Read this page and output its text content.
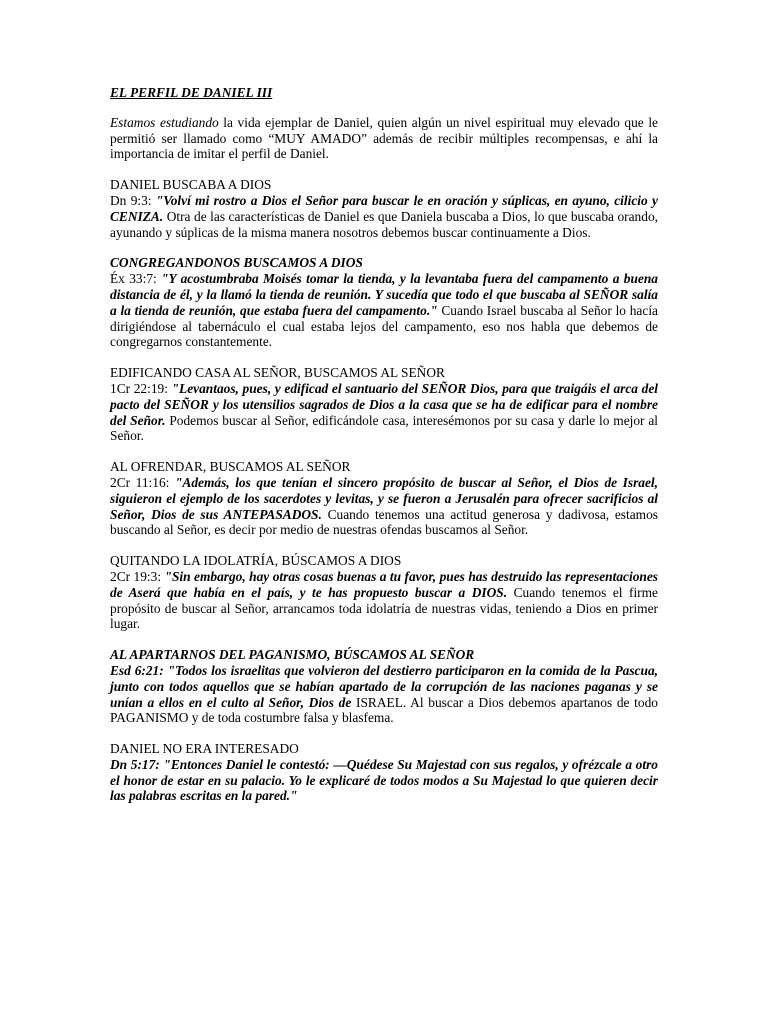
EL PERFIL DE DANIEL III

Estamos estudiando la vida ejemplar de Daniel, quien algún un nivel espiritual muy elevado que le permitió ser llamado como “MUY AMADO” además de recibir múltiples recompensas, e ahí la importancia de imitar el perfil de Daniel.

DANIEL BUSCABA A DIOS

Dn 9:3: "Volví mi rostro a Dios el Señor para buscar le en oración y súplicas, en ayuno, cilicio y CENIZA. Otra de las características de Daniel es que Daniela buscaba a Dios, lo que buscaba orando, ayunando y súplicas de la misma manera nosotros debemos buscar continuamente a Dios.

CONGREGANDONOS BUSCAMOS A DIOS

Éx 33:7: "Y acostumbraba Moisés tomar la tienda, y la levantaba fuera del campamento a buena distancia de él, y la llamó la tienda de reunión. Y sucedía que todo el que buscaba al SEÑOR salía a la tienda de reunión, que estaba fuera del campamento." Cuando Israel buscaba al Señor lo hacía dirigiéndose al tabernáculo el cual estaba lejos del campamento, eso nos habla que debemos de congregarnos constantemente.

EDIFICANDO CASA AL SEÑOR, BUSCAMOS AL SEÑOR

1Cr 22:19: "Levantaos, pues, y edificad el santuario del SEÑOR Dios, para que traigáis el arca del pacto del SEÑOR y los utensilios sagrados de Dios a la casa que se ha de edificar para el nombre del Señor. Podemos buscar al Señor, edificándole casa, interesémonos por su casa y darle lo mejor al Señor.

AL OFRENDAR, BUSCAMOS AL SEÑOR

2Cr 11:16: "Además, los que tenían el sincero propósito de buscar al Señor, el Dios de Israel, siguieron el ejemplo de los sacerdotes y levitas, y se fueron a Jerusalén para ofrecer sacrificios al Señor, Dios de sus ANTEPASADOS. Cuando tenemos una actitud generosa y dadivosa, estamos buscando al Señor, es decir por medio de nuestras ofendas buscamos al Señor.

QUITANDO LA IDOLATRÍA, BÚSCAMOS A DIOS

2Cr 19:3: "Sin embargo, hay otras cosas buenas a tu favor, pues has destruido las representaciones de Aserá que había en el país, y te has propuesto buscar a DIOS. Cuando tenemos el firme propósito de buscar al Señor, arrancamos toda idolatría de nuestras vidas, teniendo a Dios en primer lugar.

AL APARTARNOS DEL PAGANISMO, BÚSCAMOS AL SEÑOR

Esd 6:21: "Todos los israelitas que volvieron del destierro participaron en la comida de la Pascua, junto con todos aquellos que se habían apartado de la corrupción de las naciones paganas y se unían a ellos en el culto al Señor, Dios de ISRAEL. Al buscar a Dios debemos apartanos de todo PAGANISMO y de toda costumbre falsa y blasfema.

DANIEL NO ERA INTERESADO

Dn 5:17: "Entonces Daniel le contestó: —Quédese Su Majestad con sus regalos, y ofrézcale a otro el honor de estar en su palacio. Yo le explicaré de todos modos a Su Majestad lo que quieren decir las palabras escritas en la pared."
